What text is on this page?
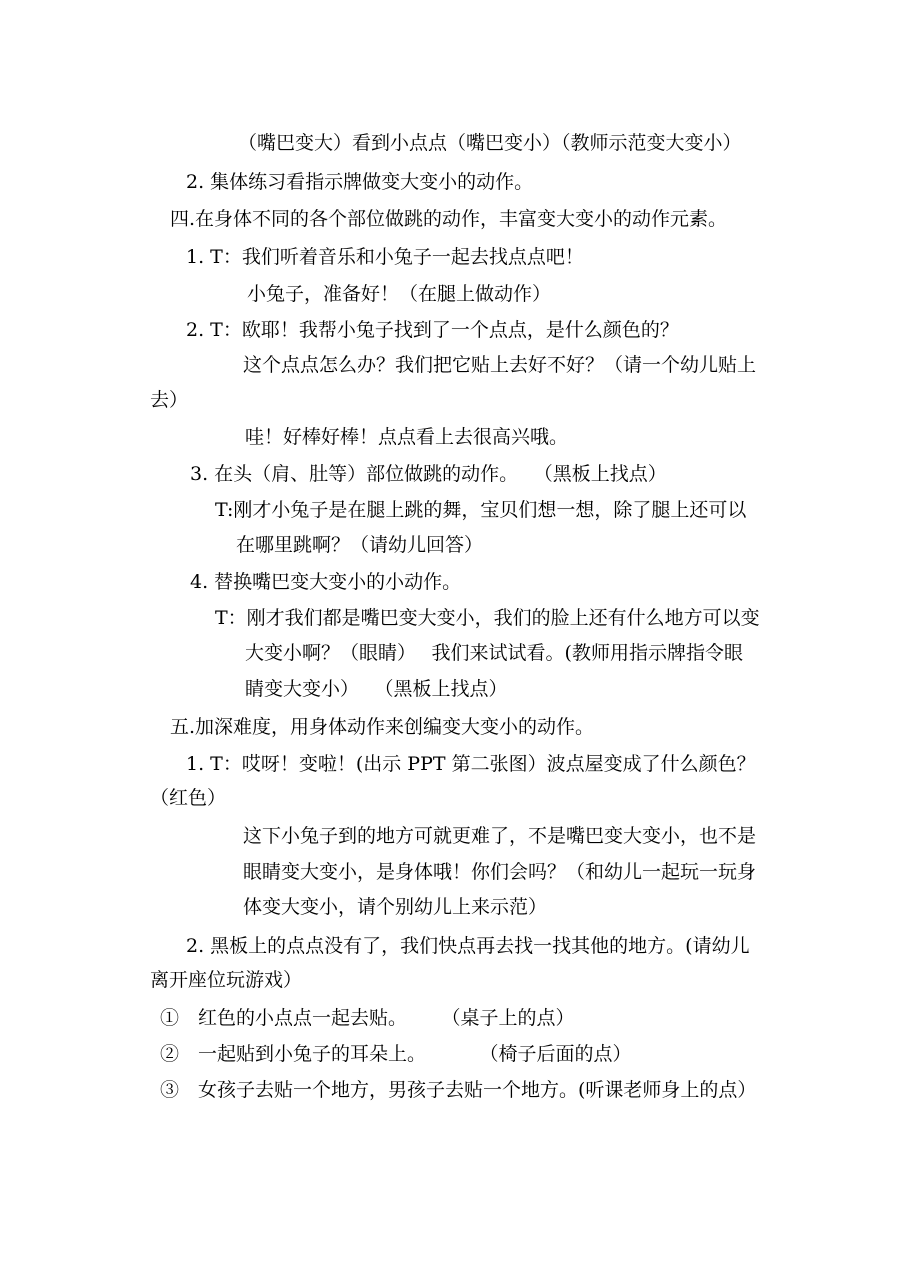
（嘴巴变大）看到小点点（嘴巴变小）（教师示范变大变小）

2. 集体练习看指示牌做变大变小的动作。

四.在身体不同的各个部位做跳的动作，丰富变大变小的动作元素。

1. T：我们听着音乐和小兔子一起去找点点吧！

小兔子，准备好！（在腿上做动作）

2. T：欧耶！我帮小兔子找到了一个点点，是什么颜色的？

这个点点怎么办？我们把它贴上去好不好？（请一个幼儿贴上

去）

哇！好棒好棒！点点看上去很高兴哦。

3. 在头（肩、肚等）部位做跳的动作。　 （黑板上找点）

T:刚才小兔子是在腿上跳的舞，宝贝们想一想，除了腿上还可以

在哪里跳啊？（请幼儿回答）

4. 替换嘴巴变大变小的小动作。

T：刚才我们都是嘴巴变大变小，我们的脸上还有什么地方可以变

大变小啊？（眼睛）　 我们来试试看。(教师用指示牌指令眼

睛变大变小）　 （黑板上找点）

五.加深难度，用身体动作来创编变大变小的动作。

1. T：哎呀！变啦！(出示 PPT 第二张图）波点屋变成了什么颜色？

（红色）

这下小兔子到的地方可就更难了，不是嘴巴变大变小，也不是

眼睛变大变小，是身体哦！你们会吗？（和幼儿一起玩一玩身

体变大变小，请个别幼儿上来示范）

2. 黑板上的点点没有了，我们快点再去找一找其他的地方。(请幼儿

离开座位玩游戏）

①　红色的小点点一起去贴。　　 （桌子上的点）

②　一起贴到小兔子的耳朵上。　　　 （椅子后面的点）

③　女孩子去贴一个地方，男孩子去贴一个地方。(听课老师身上的点）
